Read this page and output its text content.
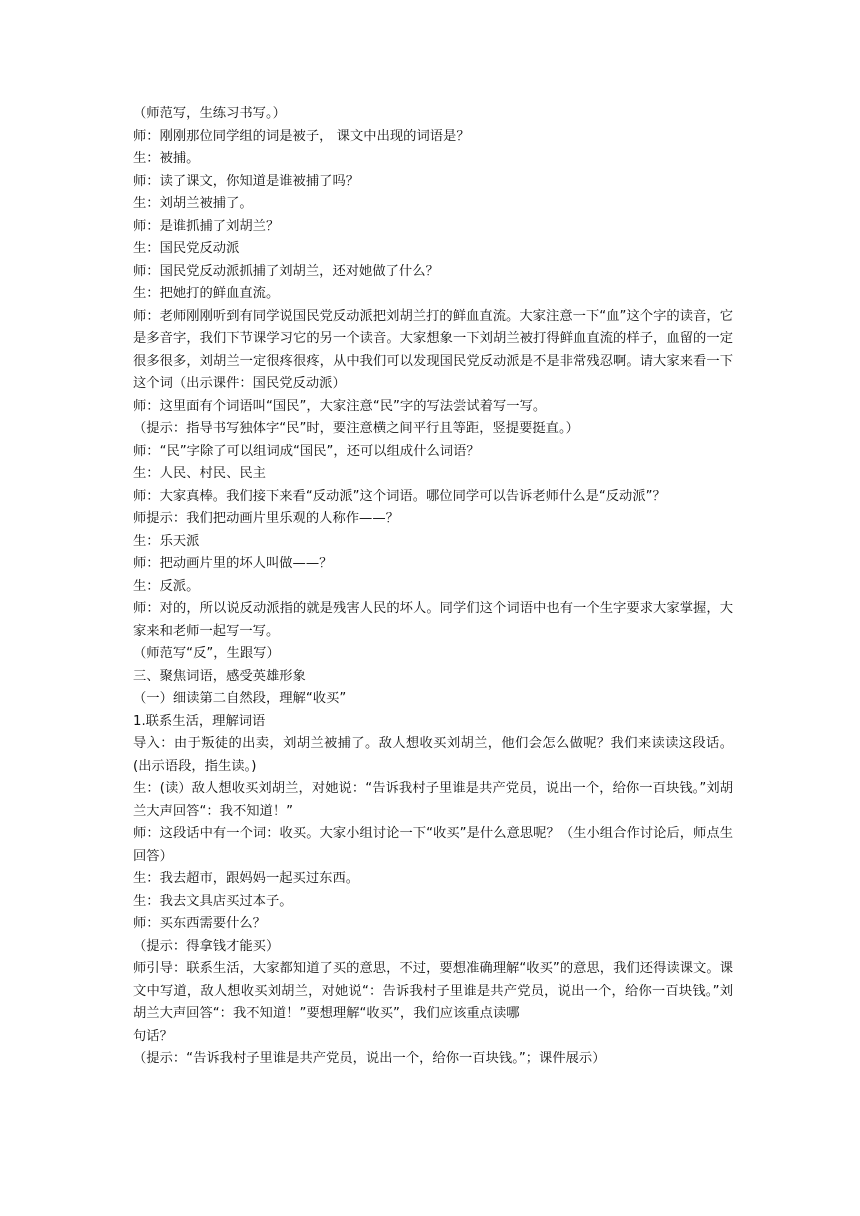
（师范写，生练习书写。）

师：刚刚那位同学组的词是被子， 课文中出现的词语是？

生：被捕。

师：读了课文，你知道是谁被捕了吗？

生：刘胡兰被捕了。

师：是谁抓捕了刘胡兰？

生：国民党反动派

师：国民党反动派抓捕了刘胡兰，还对她做了什么？

生：把她打的鲜血直流。

师：老师刚刚听到有同学说国民党反动派把刘胡兰打的鲜血直流。大家注意一下“血”这个字的读音，它是多音字，我们下节课学习它的另一个读音。大家想象一下刘胡兰被打得鲜血直流的样子，血留的一定很多很多，刘胡兰一定很疼很疼，从中我们可以发现国民党反动派是不是非常残忍啊。请大家来看一下这个词（出示课件：国民党反动派）

师：这里面有个词语叫“国民”，大家注意“民”字的写法尝试着写一写。

（提示：指导书写独体字“民”时，要注意横之间平行且等距，竖提要挺直。）

师：“民”字除了可以组词成“国民”，还可以组成什么词语？

生：人民、村民、民主

师：大家真棒。我们接下来看“反动派”这个词语。哪位同学可以告诉老师什么是“反动派”？

师提示：我们把动画片里乐观的人称作——？

生：乐天派

师：把动画片里的坏人叫做——？

生：反派。

师：对的，所以说反动派指的就是残害人民的坏人。同学们这个词语中也有一个生字要求大家掌握，大家来和老师一起写一写。

（师范写“反”，生跟写）

三、聚焦词语，感受英雄形象

（一）细读第二自然段，理解“收买”

1.联系生活，理解词语

导入：由于叛徒的出卖，刘胡兰被捕了。敌人想收买刘胡兰，他们会怎么做呢？我们来读读这段话。(出示语段，指生读。)

生：(读）敌人想收买刘胡兰，对她说：“告诉我村子里谁是共产党员，说出一个，给你一百块钱。”刘胡兰大声回答“：我不知道！”

师：这段话中有一个词：收买。大家小组讨论一下“收买”是什么意思呢？（生小组合作讨论后，师点生回答）

生：我去超市，跟妈妈一起买过东西。

生：我去文具店买过本子。

师：买东西需要什么？

（提示：得拿钱才能买）

师引导：联系生活，大家都知道了买的意思，不过，要想准确理解“收买”的意思，我们还得读课文。课文中写道，敌人想收买刘胡兰，对她说“：告诉我村子里谁是共产党员，说出一个，给你一百块钱。”刘胡兰大声回答“：我不知道！”要想理解“收买”，我们应该重点读哪

句话？

（提示：“告诉我村子里谁是共产党员，说出一个，给你一百块钱。”；课件展示）
